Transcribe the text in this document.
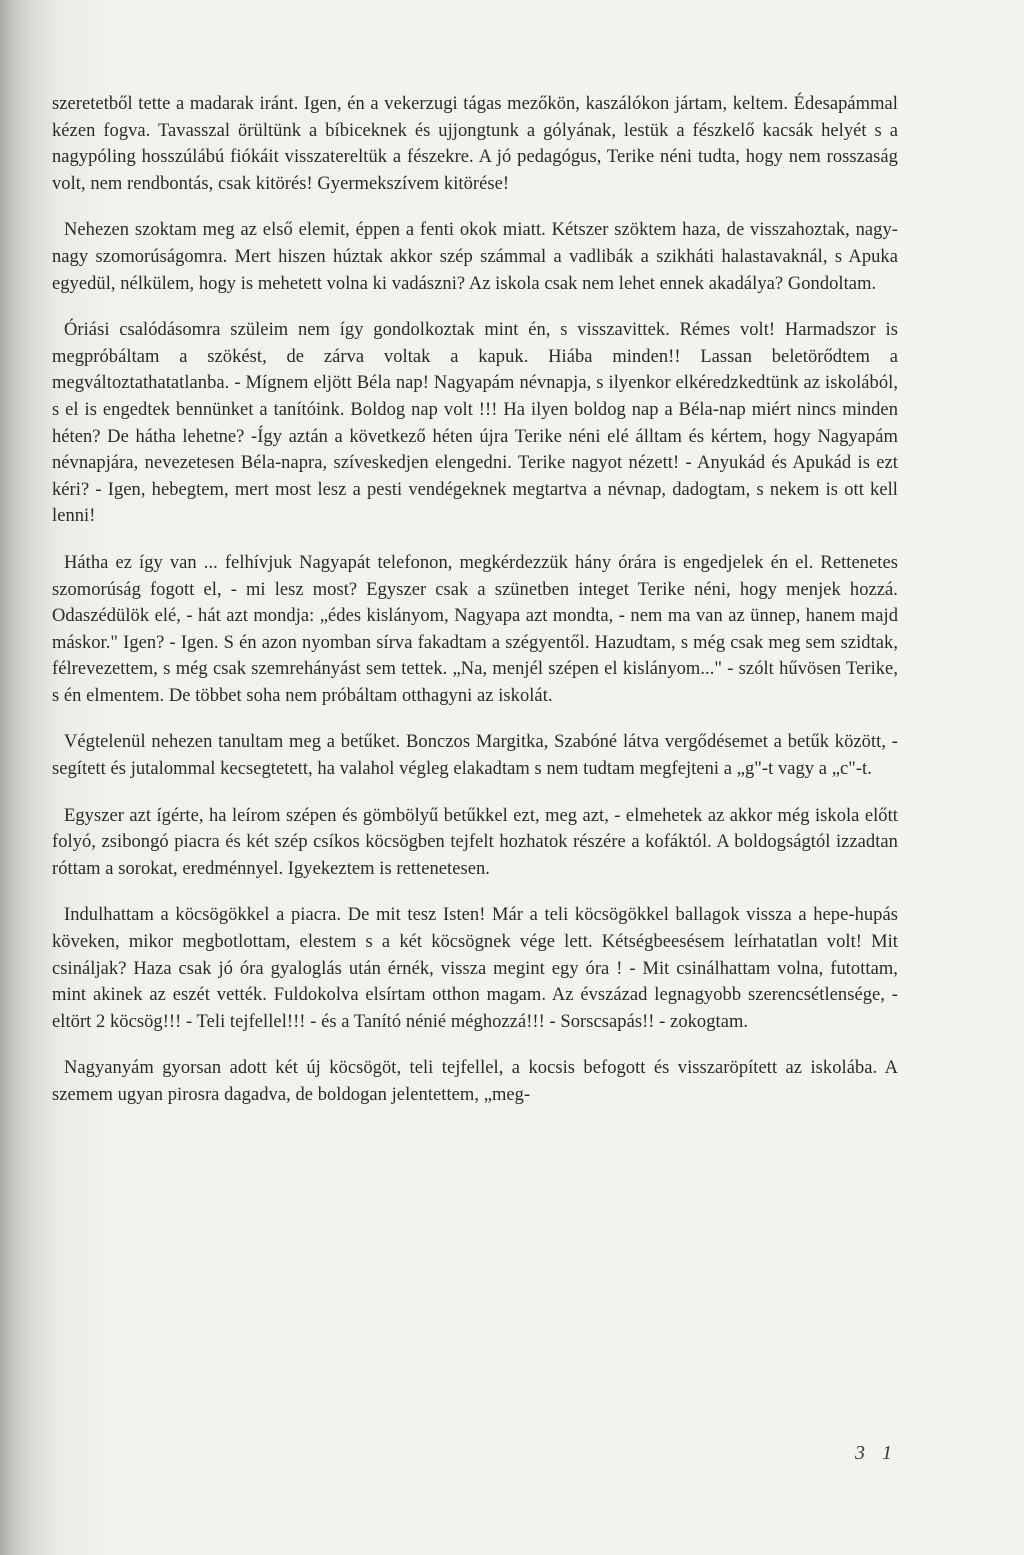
szeretetből tette a madarak iránt. Igen, én a vekerzugi tágas mezőkön, kaszálókon jártam, keltem. Édesapámmal kézen fogva. Tavasszal örültünk a bíbiceknek és ujjongtunk a gólyának, lestük a fészkelő kacsák helyét s a nagypóling hosszúlábú fiókáit visszatereltük a fészekre. A jó pedagógus, Terike néni tudta, hogy nem rosszaság volt, nem rendbontás, csak kitörés! Gyermekszívem kitörése!

Nehezen szoktam meg az első elemit, éppen a fenti okok miatt. Kétszer szöktem haza, de visszahoztak, nagy-nagy szomorúságomra. Mert hiszen húztak akkor szép számmal a vadlibák a szikháti halastavaknál, s Apuka egyedül, nélkülem, hogy is mehetett volna ki vadászni? Az iskola csak nem lehet ennek akadálya? Gondoltam.

Óriási csalódásomra szüleim nem így gondolkoztak mint én, s visszavittek. Rémes volt! Harmadszor is megpróbáltam a szökést, de zárva voltak a kapuk. Hiába minden!! Lassan beletörődtem a megváltoztathatatlanba. - Mígnem eljött Béla nap! Nagyapám névnapja, s ilyenkor elkéredzkedtünk az iskolából, s el is engedtek bennünket a tanítóink. Boldog nap volt !!! Ha ilyen boldog nap a Béla-nap miért nincs minden héten? De hátha lehetne? -Így aztán a következő héten újra Terike néni elé álltam és kértem, hogy Nagyapám névnapjára, nevezetesen Béla-napra, szíveskedjen elengedni. Terike nagyot nézett! - Anyukád és Apukád is ezt kéri? - Igen, hebegtem, mert most lesz a pesti vendégeknek megtartva a névnap, dadogtam, s nekem is ott kell lenni!

Hátha ez így van ... felhívjuk Nagyapát telefonon, megkérdezzük hány órára is engedjelek én el. Rettenetes szomorúság fogott el, - mi lesz most? Egyszer csak a szünetben integet Terike néni, hogy menjek hozzá. Odaszédülök elé, - hát azt mondja: „édes kislányom, Nagyapa azt mondta, - nem ma van az ünnep, hanem majd máskor." Igen? - Igen. S én azon nyomban sírva fakadtam a szégyentől. Hazudtam, s még csak meg sem szidtak, félrevezettem, s még csak szemrehányást sem tettek. „Na, menjél szépen el kislányom..." - szólt hűvösen Terike, s én elmentem. De többet soha nem próbáltam otthagyni az iskolát.

Végtelenül nehezen tanultam meg a betűket. Bonczos Margitka, Szabóné látva vergődésemet a betűk között, - segített és jutalommal kecsegtetett, ha valahol végleg elakadtam s nem tudtam megfejteni a „g"-t vagy a „c"-t.

Egyszer azt ígérte, ha leírom szépen és gömbölyű betűkkel ezt, meg azt, - elmehetek az akkor még iskola előtt folyó, zsibongó piacra és két szép csíkos köcsögben tejfelt hozhatok részére a kofáktól. A boldogságtól izzadtan róttam a sorokat, eredménnyel. Igyekeztem is rettenetesen.

Indulhattam a köcsögökkel a piacra. De mit tesz Isten! Már a teli köcsögökkel ballagok vissza a hepe-hupás köveken, mikor megbotlottam, elestem s a két köcsögnek vége lett. Kétségbeesésem leírhatatlan volt! Mit csináljak? Haza csak jó óra gyaloglás után érnék, vissza megint egy óra ! - Mit csinálhattam volna, futottam, mint akinek az eszét vették. Fuldokolva elsírtam otthon magam. Az évszázad legnagyobb szerencsétlensége, - eltört 2 köcsög!!! - Teli tejfellel!!! - és a Tanító nénié méghozzá!!! - Sorscsapás!! - zokogtam.

Nagyanyám gyorsan adott két új köcsögöt, teli tejfellel, a kocsis befogott és visszaröpített az iskolába. A szemem ugyan pirosra dagadva, de boldogan jelentettem, „meg-

3 1
